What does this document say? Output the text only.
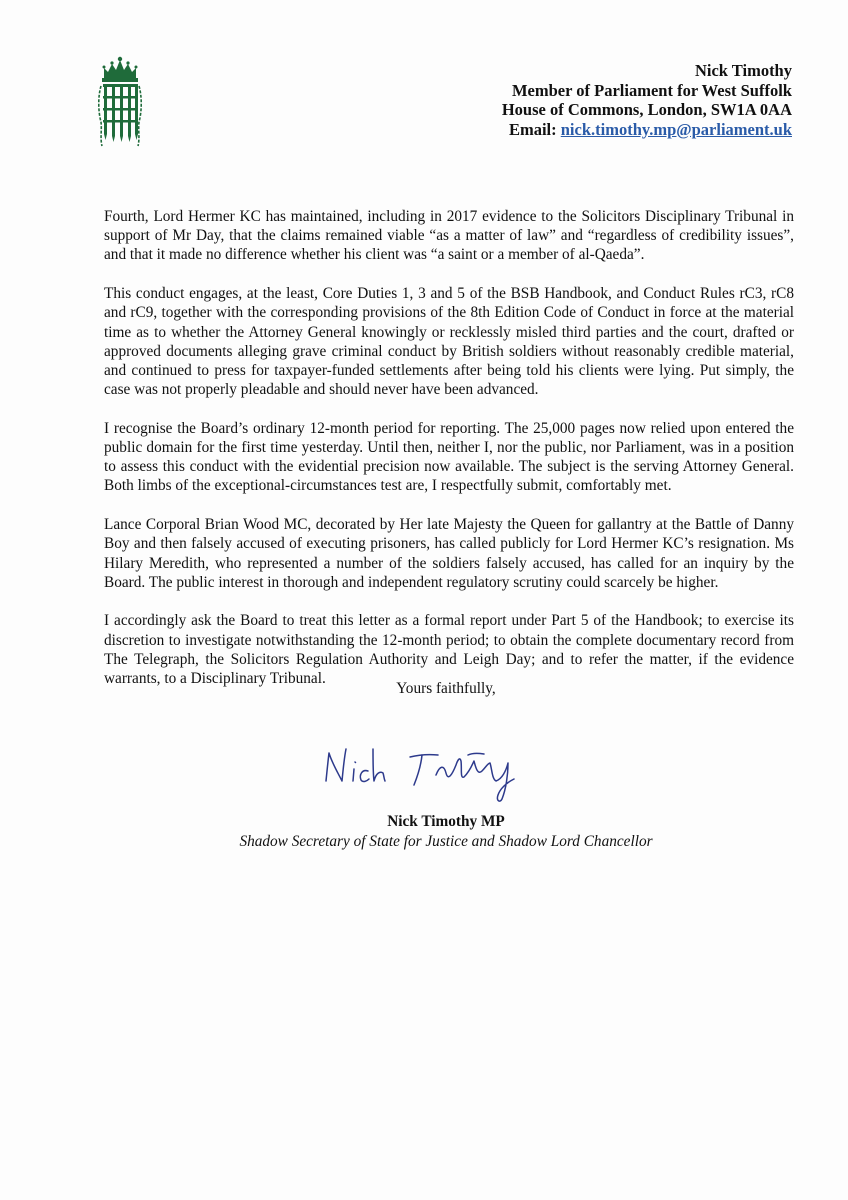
Nick Timothy
Member of Parliament for West Suffolk
House of Commons, London, SW1A 0AA
Email: nick.timothy.mp@parliament.uk

Fourth, Lord Hermer KC has maintained, including in 2017 evidence to the Solicitors Disciplinary Tribunal in support of Mr Day, that the claims remained viable “as a matter of law” and “regardless of credibility issues”, and that it made no difference whether his client was “a saint or a member of al-Qaeda”.

This conduct engages, at the least, Core Duties 1, 3 and 5 of the BSB Handbook, and Conduct Rules rC3, rC8 and rC9, together with the corresponding provisions of the 8th Edition Code of Conduct in force at the material time as to whether the Attorney General knowingly or recklessly misled third parties and the court, drafted or approved documents alleging grave criminal conduct by British soldiers without reasonably credible material, and continued to press for taxpayer-funded settlements after being told his clients were lying. Put simply, the case was not properly pleadable and should never have been advanced.

I recognise the Board’s ordinary 12-month period for reporting. The 25,000 pages now relied upon entered the public domain for the first time yesterday. Until then, neither I, nor the public, nor Parliament, was in a position to assess this conduct with the evidential precision now available. The subject is the serving Attorney General. Both limbs of the exceptional-circumstances test are, I respectfully submit, comfortably met.

Lance Corporal Brian Wood MC, decorated by Her late Majesty the Queen for gallantry at the Battle of Danny Boy and then falsely accused of executing prisoners, has called publicly for Lord Hermer KC’s resignation. Ms Hilary Meredith, who represented a number of the soldiers falsely accused, has called for an inquiry by the Board. The public interest in thorough and independent regulatory scrutiny could scarcely be higher.

I accordingly ask the Board to treat this letter as a formal report under Part 5 of the Handbook; to exercise its discretion to investigate notwithstanding the 12-month period; to obtain the complete documentary record from The Telegraph, the Solicitors Regulation Authority and Leigh Day; and to refer the matter, if the evidence warrants, to a Disciplinary Tribunal.

Yours faithfully,
Nick Timothy MP
Shadow Secretary of State for Justice and Shadow Lord Chancellor
